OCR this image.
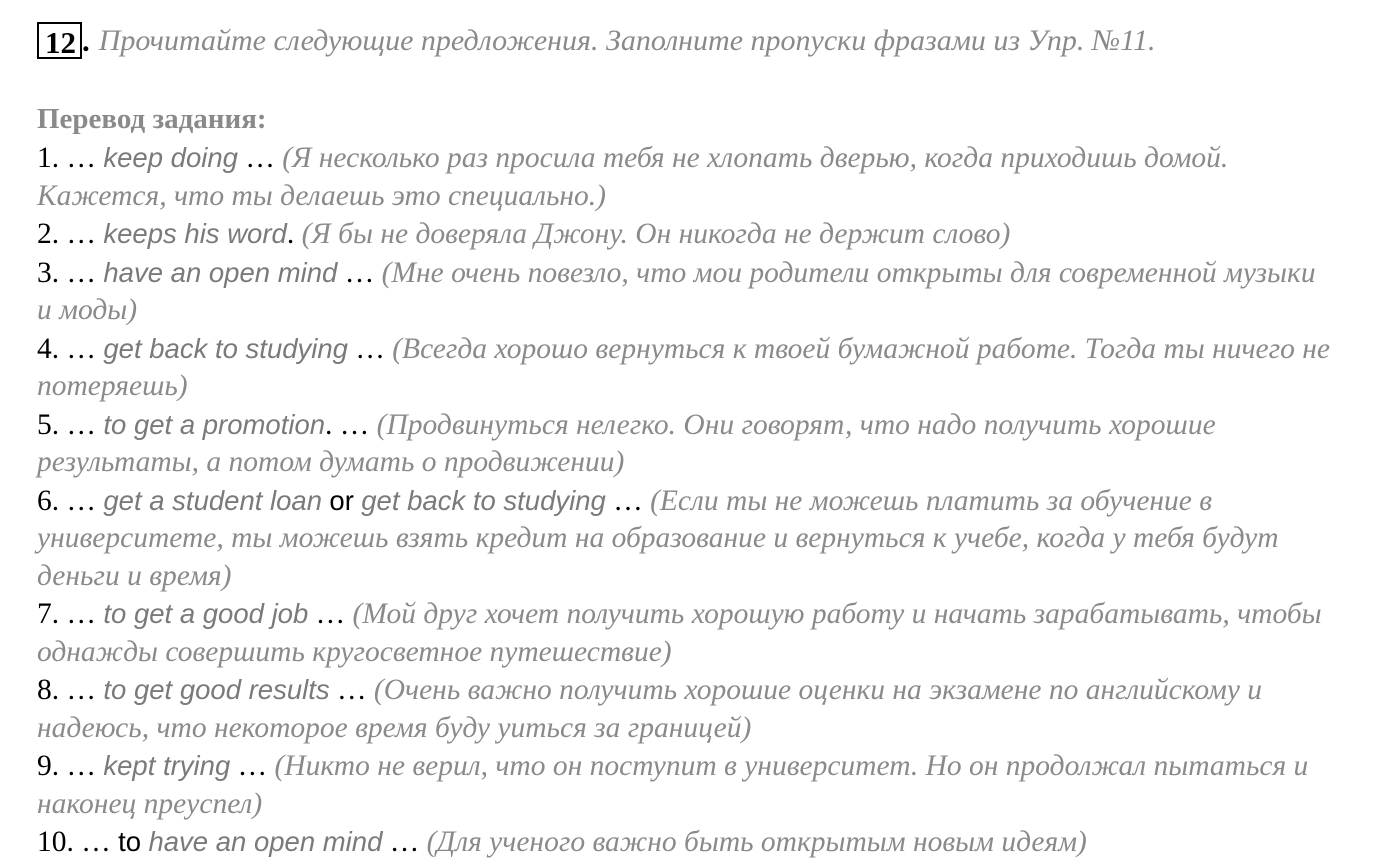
12 . Прочитайте следующие предложения. Заполните пропуски фразами из Упр. №11.
Перевод задания:

1. … keep doing … (Я несколько раз просила тебя не хлопать дверью, когда приходишь домой. Кажется, что ты делаешь это специально.)

2. … keeps his word. (Я бы не доверяла Джону. Он никогда не держит слово)

3. … have an open mind … (Мне очень повезло, что мои родители открыты для современной музыки и моды)

4. … get back to studying … (Всегда хорошо вернуться к твоей бумажной работе. Тогда ты ничего не потеряешь)

5. … to get a promotion. … (Продвинуться нелегко. Они говорят, что надо получить хорошие результаты, а потом думать о продвижении)

6. … get a student loan or get back to studying … (Если ты не можешь платить за обучение в университете, ты можешь взять кредит на образование и вернуться к учебе, когда у тебя будут деньги и время)

7. … to get a good job … (Мой друг хочет получить хорошую работу и начать зарабатывать, чтобы однажды совершить кругосветное путешествие)

8. … to get good results … (Очень важно получить хорошие оценки на экзамене по английскому и надеюсь, что некоторое время буду уиться за границей)

9. … kept trying … (Никто не верил, что он поступит в университет. Но он продолжал пытаться и наконец преуспел)

10. … to have an open mind … (Для ученого важно быть открытым новым идеям)
